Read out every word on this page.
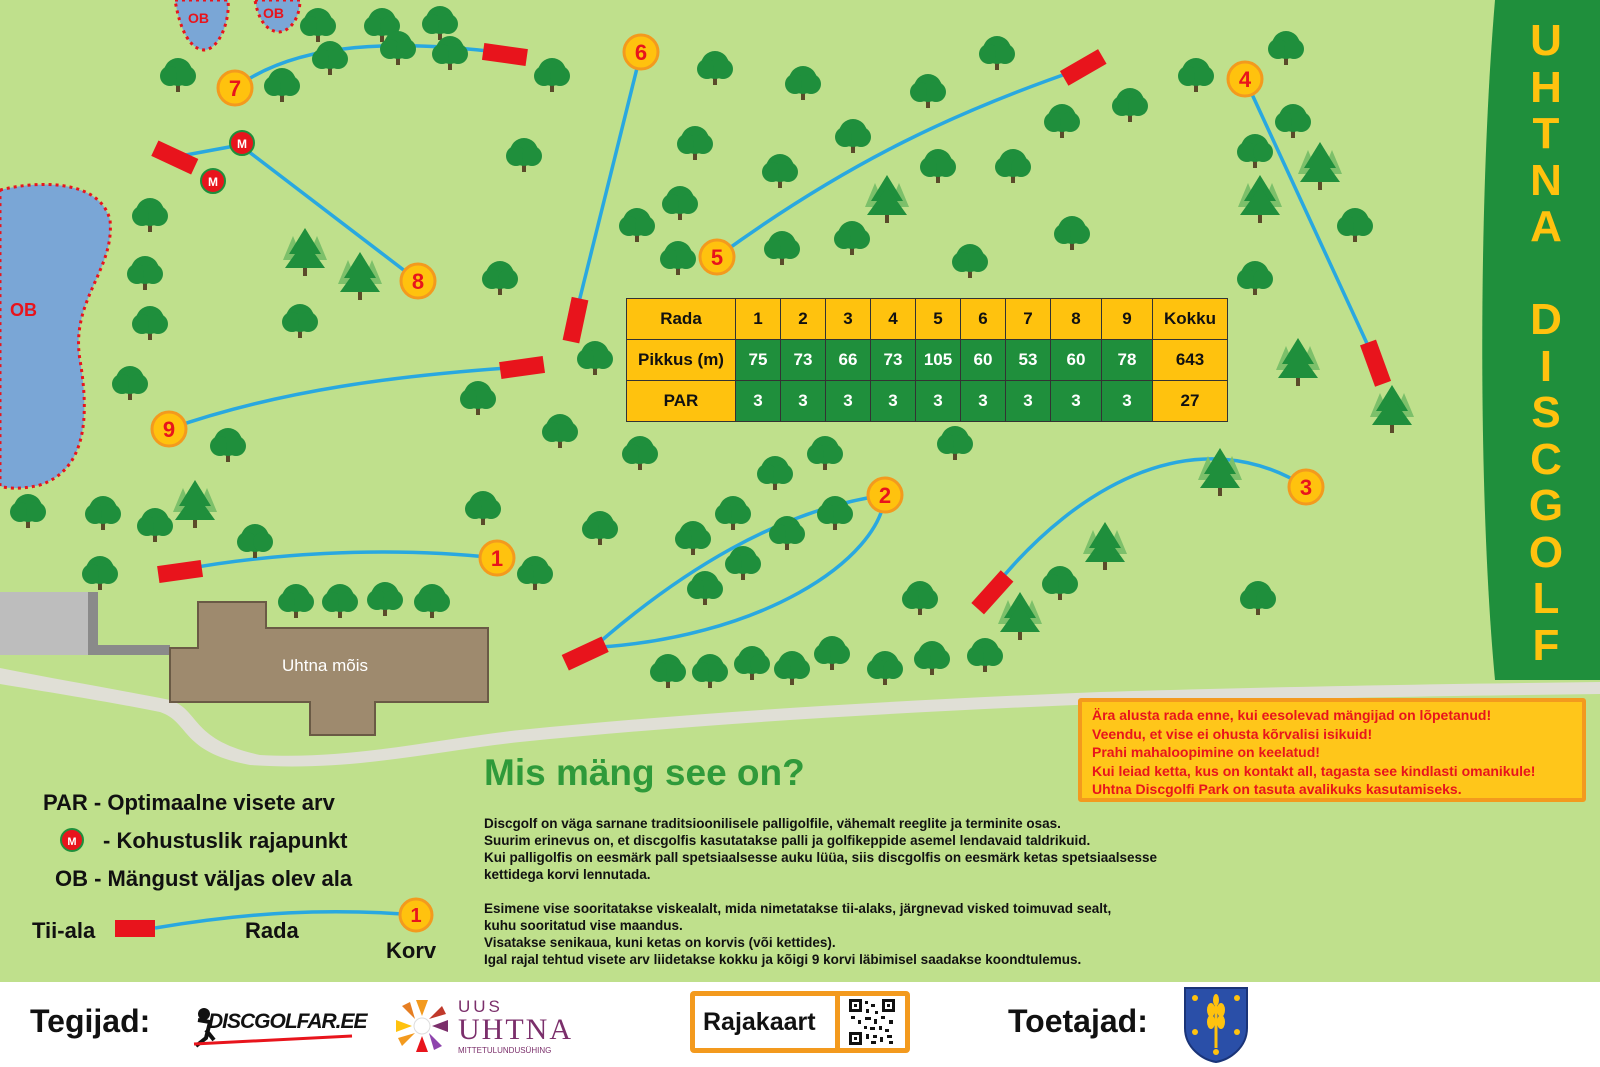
OB
OB	OB
M
M
1
2	3
4
5
6
7
8
9
1
M
U
H
T
N
A

D
I
S
C
G
O
L
F
Uhtna mõis
Rada	1	2	3	4	5	6	7	8	9	Kokku
Pikkus (m)	75	73	66	73	105	60	53	60	78	643
PAR	3	3	3	3	3	3	3	3	3	27

Ära alusta rada enne, kui eesolevad mängijad on lõpetanud!

Veendu, et vise ei ohusta kõrvalisi isikuid!

Prahi mahaloopimine on keelatud!

Kui leiad ketta, kus on kontakt all, tagasta see kindlasti omanikule!

Uhtna Discgolfi Park on tasuta avalikuks kasutamiseks.

Mis mäng see on?

Discgolf on väga sarnane traditsioonilisele palligolfile, vähemalt reeglite ja terminite osas.

Suurim erinevus on, et discgolfis kasutatakse palli ja golfikeppide asemel lendavaid taldrikuid.

Kui palligolfis on eesmärk pall spetsiaalsesse auku lüüa, siis discgolfis on eesmärk ketas spetsiaalsesse

kettidega korvi lennutada.

Esimene vise sooritatakse viskealalt, mida nimetatakse tii-alaks, järgnevad visked toimuvad sealt,

kuhu sooritatud vise maandus.

Visatakse senikaua, kuni ketas on korvis (või kettides).

Igal rajal tehtud visete arv liidetakse kokku ja kõigi 9 korvi läbimisel saadakse koondtulemus.

PAR - Optimaalne visete arv
- Kohustuslik rajapunkt
OB - Mängust väljas olev ala
Tii-ala	Rada
Korv
Tegijad:	DISCGOLFAR.EE
UUS
UHTNA
MITTETULUNDUSÜHING
Rajakaart	Toetajad:
